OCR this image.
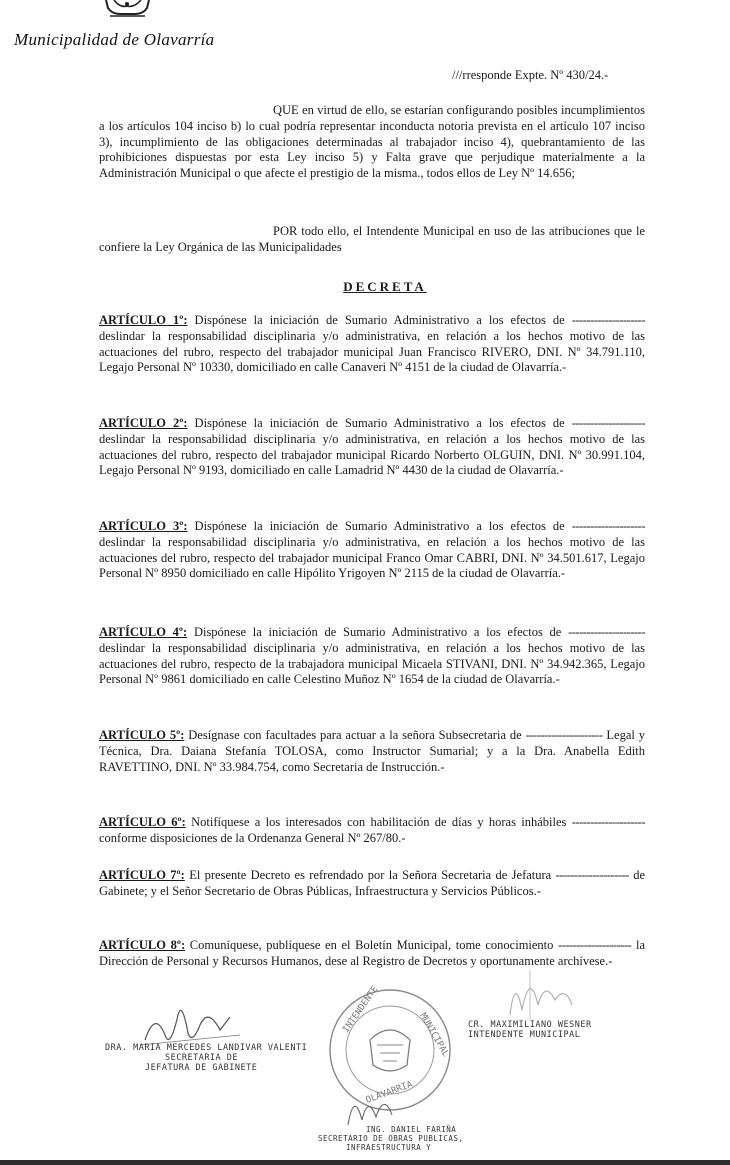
Municipalidad de Olavarría
///rresponde Expte. Nº 430/24.-

QUE en virtud de ello, se estarían configurando posibles incumplimientos a los artículos 104 inciso b) lo cual podría representar inconducta notoria prevista en el artículo 107 inciso 3), incumplimiento de las obligaciones determinadas al trabajador inciso 4), quebrantamiento de las prohibiciones dispuestas por esta Ley inciso 5) y Falta grave que perjudique materialmente a la Administración Municipal o que afecte el prestigio de la misma., todos ellos de Ley Nº 14.656;

POR todo ello, el Intendente Municipal en uso de las atribuciones que le confiere la Ley Orgánica de las Municipalidades

DECRETA

ARTÍCULO 1º: Dispónese la iniciación de Sumario Administrativo a los efectos de -------------------- deslindar la responsabilidad disciplinaria y/o administrativa, en relación a los hechos motivo de las actuaciones del rubro, respecto del trabajador municipal Juan Francisco RIVERO, DNI. Nº 34.791.110, Legajo Personal Nº 10330, domiciliado en calle Canaveri Nº 4151 de la ciudad de Olavarría.-

ARTÍCULO 2º: Dispónese la iniciación de Sumario Administrativo a los efectos de -------------------- deslindar la responsabilidad disciplinaria y/o administrativa, en relación a los hechos motivo de las actuaciones del rubro, respecto del trabajador municipal Ricardo Norberto OLGUIN, DNI. Nº 30.991.104, Legajo Personal Nº 9193, domiciliado en calle Lamadrid Nº 4430 de la ciudad de Olavarría.-

ARTÍCULO 3º: Dispónese la iniciación de Sumario Administrativo a los efectos de -------------------- deslindar la responsabilidad disciplinaria y/o administrativa, en relación a los hechos motivo de las actuaciones del rubro, respecto del trabajador municipal Franco Omar CABRI, DNI. Nº 34.501.617, Legajo Personal Nº 8950 domiciliado en calle Hipólito Yrigoyen Nº 2115 de la ciudad de Olavarría.-

ARTÍCULO 4º: Dispónese la iniciación de Sumario Administrativo a los efectos de --------------------- deslindar la responsabilidad disciplinaria y/o administrativa, en relación a los hechos motivo de las actuaciones del rubro, respecto de la trabajadora municipal Micaela STIVANI, DNI. Nº 34.942.365, Legajo Personal Nº 9861 domiciliado en calle Celestino Muñoz Nº 1654 de la ciudad de Olavarría.-

ARTÍCULO 5º: Desígnase con facultades para actuar a la señora Subsecretaria de --------------------- Legal y Técnica, Dra. Daiana Stefanía TOLOSA, como Instructor Sumarial; y a la Dra. Anabella Edith RAVETTINO, DNI. Nº 33.984.754, como Secretaria de Instrucción.-

ARTÍCULO 6º: Notifíquese a los interesados con habilitación de días y horas inhábiles -------------------- conforme disposiciones de la Ordenanza General Nº 267/80.-

ARTÍCULO 7º: El presente Decreto es refrendado por la Señora Secretaria de Jefatura -------------------- de Gabinete; y el Señor Secretario de Obras Públicas, Infraestructura y Servicios Públicos.-

ARTÍCULO 8º: Comuníquese, publíquese en el Boletín Municipal, tome conocimiento -------------------- la Dirección de Personal y Recursos Humanos, dese al Registro de Decretos y oportunamente archívese.-

INTENDENTE
MUNICIPAL
OLAVARRIA
DRA. MARIA MERCEDES LANDIVAR VALENTI
SECRETARIA DE
JEFATURA DE GABINETE
CR. MAXIMILIANO WESNER
INTENDENTE MUNICIPAL
ING. DANIEL FARIÑA
SECRETARIO DE OBRAS PUBLICAS,
INFRAESTRUCTURA Y
